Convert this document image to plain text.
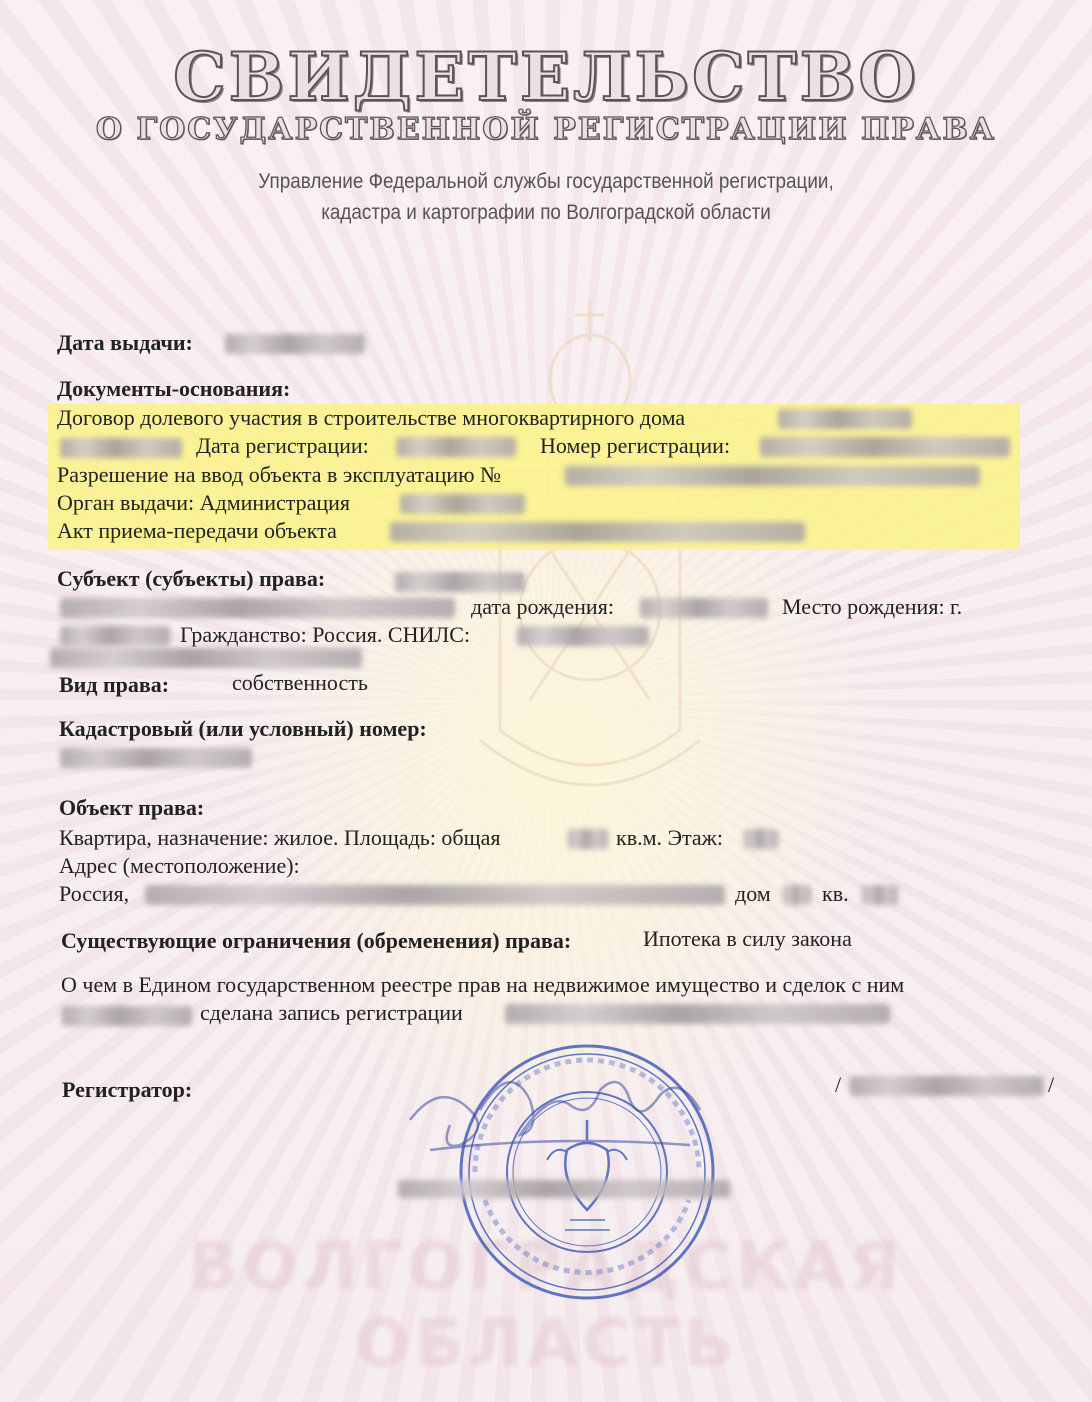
СВИДЕТЕЛЬСТВО
О ГОСУДАРСТВЕННОЙ РЕГИСТРАЦИИ ПРАВА
Управление Федеральной службы государственной регистрации,
кадастра и картографии по Волгоградской области
Дата выдачи:
Документы-основания:
Договор долевого участия в строительстве многоквартирного дома
Дата регистрации:	Номер регистрации:
Разрешение на ввод объекта в эксплуатацию №
Орган выдачи: Администрация
Акт приема-передачи объекта
Субъект (субъекты) права:
дата рождения:	Место рождения: г.
Гражданство: Россия. СНИЛС:
Вид права:	собственность
Кадастровый (или условный) номер:
Объект права:
Квартира, назначение: жилое. Площадь: общая	кв.м. Этаж:
Адрес (местоположение):
Россия,	дом кв.
Существующие ограничения (обременения) права:	Ипотека в силу закона
О чем в Едином государственном реестре прав на недвижимое имущество и сделок с ним
сделана запись регистрации
Регистратор:	/	/
ВОЛГОГРАДСКАЯ ОБЛАСТЬ
